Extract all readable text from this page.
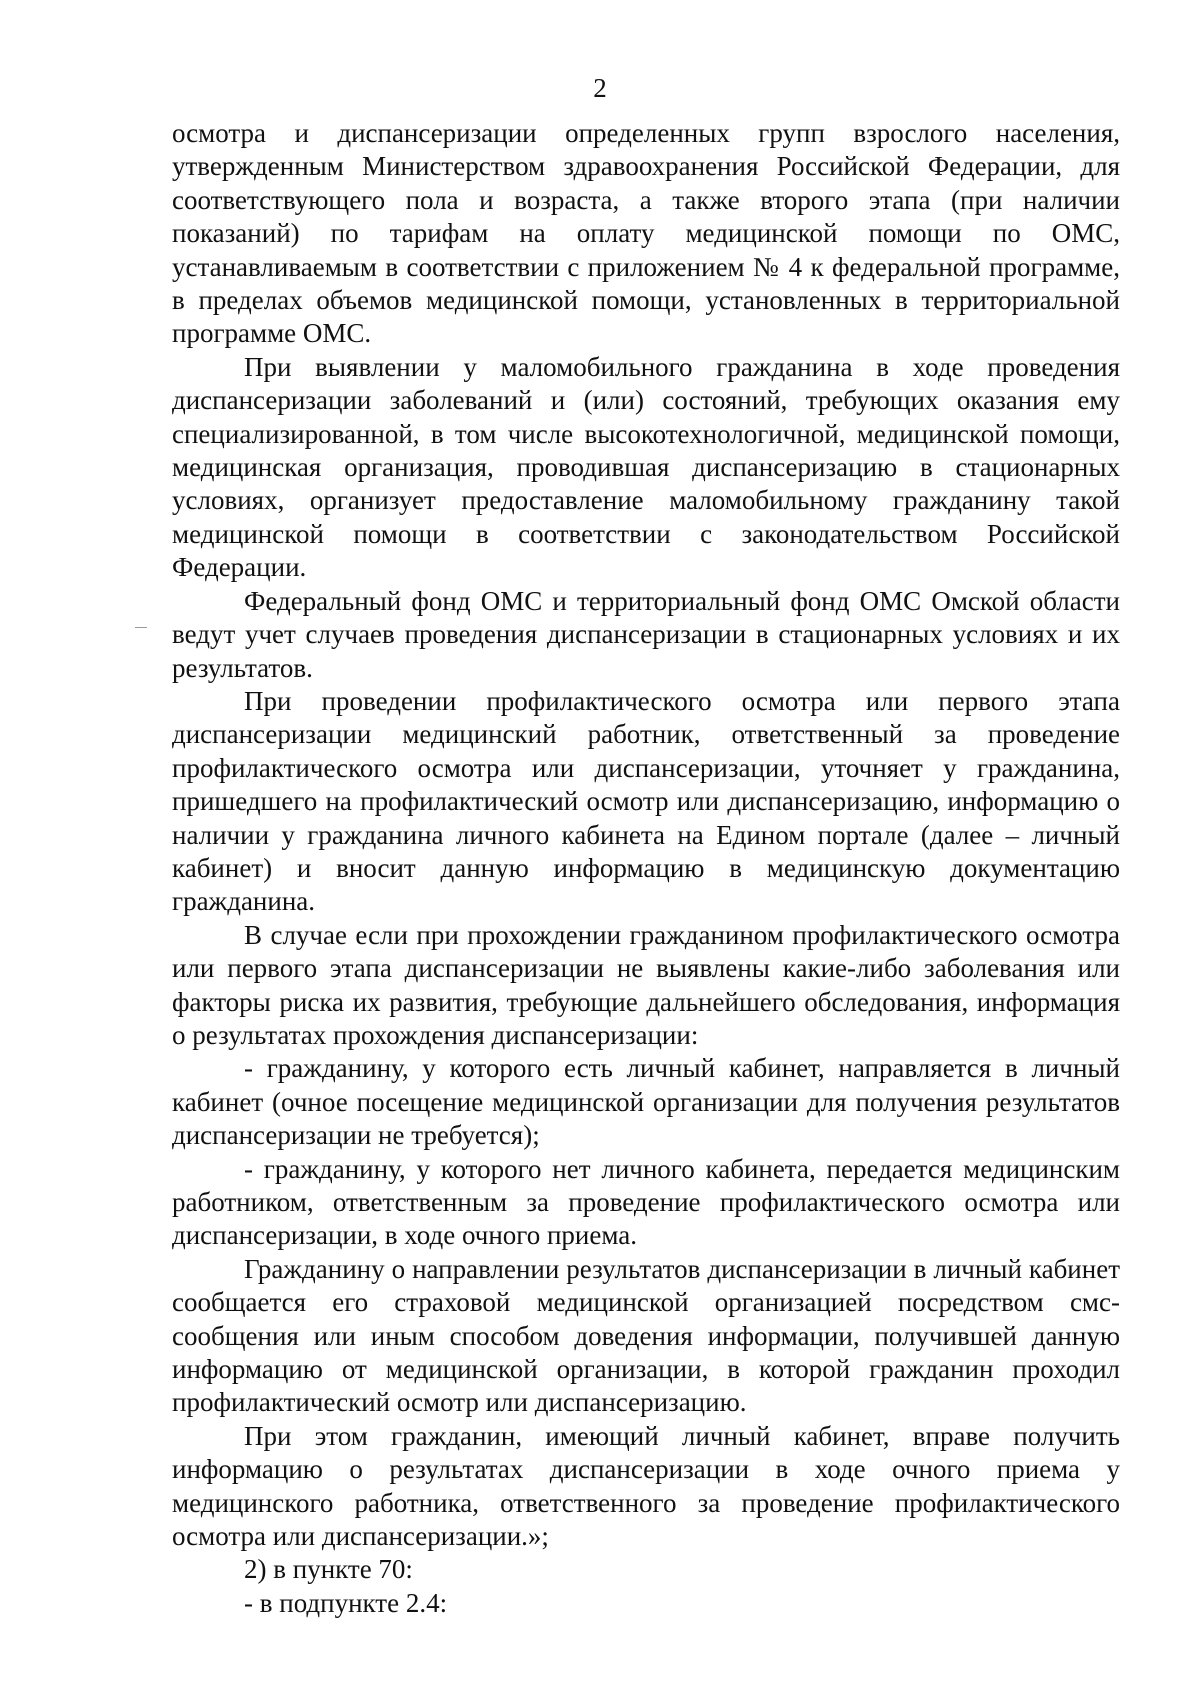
2

осмотра и диспансеризации определенных групп взрослого населения, утвержденным Министерством здравоохранения Российской Федерации, для соответствующего пола и возраста, а также второго этапа (при наличии показаний) по тарифам на оплату медицинской помощи по ОМС, устанавливаемым в соответствии с приложением № 4 к федеральной программе, в пределах объемов медицинской помощи, установленных в территориальной программе ОМС.

При выявлении у маломобильного гражданина в ходе проведения диспансеризации заболеваний и (или) состояний, требующих оказания ему специализированной, в том числе высокотехнологичной, медицинской помощи, медицинская организация, проводившая диспансеризацию в стационарных условиях, организует предоставление маломобильному гражданину такой медицинской помощи в соответствии с законодательством Российской Федерации.

Федеральный фонд ОМС и территориальный фонд ОМС Омской области ведут учет случаев проведения диспансеризации в стационарных условиях и их результатов.

При проведении профилактического осмотра или первого этапа диспансеризации медицинский работник, ответственный за проведение профилактического осмотра или диспансеризации, уточняет у гражданина, пришедшего на профилактический осмотр или диспансеризацию, информацию о наличии у гражданина личного кабинета на Едином портале (далее – личный кабинет) и вносит данную информацию в медицинскую документацию гражданина.

В случае если при прохождении гражданином профилактического осмотра или первого этапа диспансеризации не выявлены какие-либо заболевания или факторы риска их развития, требующие дальнейшего обследования, информация о результатах прохождения диспансеризации:

- гражданину, у которого есть личный кабинет, направляется в личный кабинет (очное посещение медицинской организации для получения результатов диспансеризации не требуется);

- гражданину, у которого нет личного кабинета, передается медицинским работником, ответственным за проведение профилактического осмотра или диспансеризации, в ходе очного приема.

Гражданину о направлении результатов диспансеризации в личный кабинет сообщается его страховой медицинской организацией посредством смс-сообщения или иным способом доведения информации, получившей данную информацию от медицинской организации, в которой гражданин проходил профилактический осмотр или диспансеризацию.

При этом гражданин, имеющий личный кабинет, вправе получить информацию о результатах диспансеризации в ходе очного приема у медицинского работника, ответственного за проведение профилактического осмотра или диспансеризации.»;

2) в пункте 70:

- в подпункте 2.4:
